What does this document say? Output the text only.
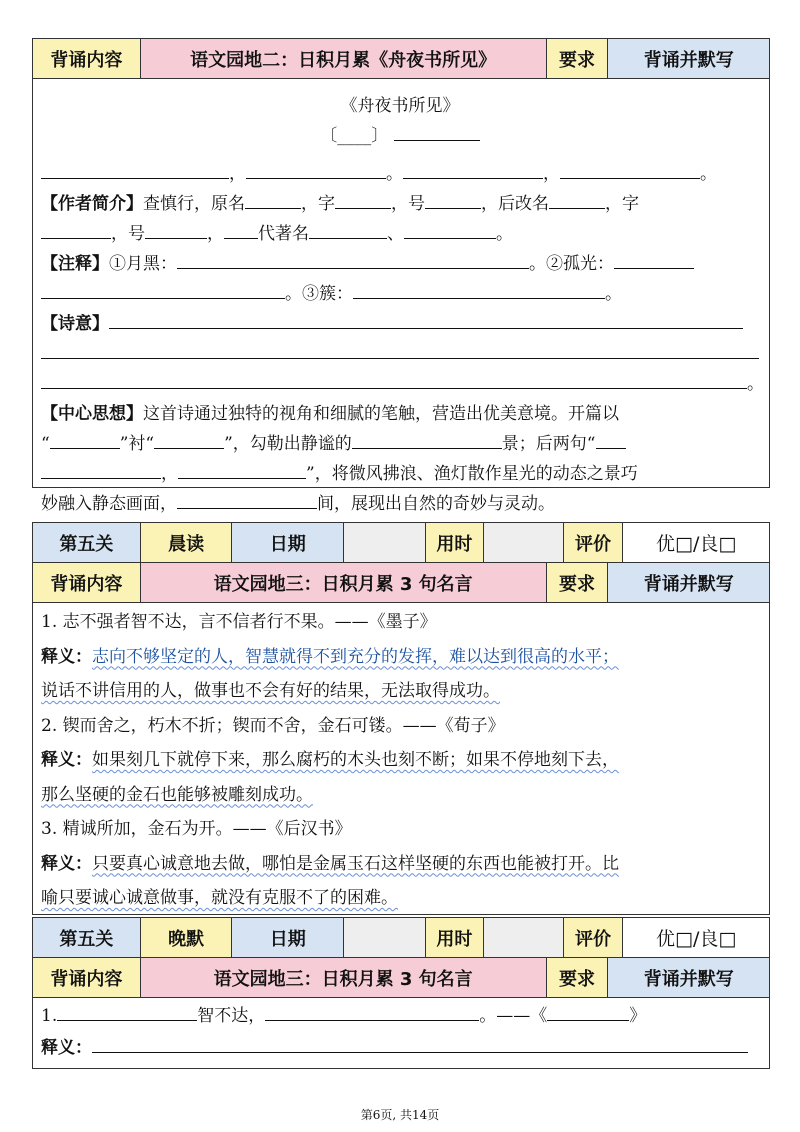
背诵内容	语文园地二：日积月累《舟夜书所见》	要求	背诵并默写
《舟夜书所见》
〔____〕
，	。	，	。
【作者简介】查慎行，原名	，字	，号	，后改名	，字
，号	， 代著名	、	。
【注释】①月黑：	。②孤光：
。③簇：	。
【诗意】
。
【中心思想】这首诗通过独特的视角和细腻的笔触，营造出优美意境。开篇以
“	”衬“	”，勾勒出静谧的	景；后两句“
，	”，将微风拂浪、渔灯散作星光的动态之景巧
妙融入静态画面，	间，展现出自然的奇妙与灵动。
第五关	晨读	日期	用时	评价	优□/良□
背诵内容	语文园地三：日积月累 3 句名言	要求	背诵并默写
1. 志不强者智不达，言不信者行不果。——《墨子》
释义：志向不够坚定的人，智慧就得不到充分的发挥，难以达到很高的水平；
说话不讲信用的人，做事也不会有好的结果，无法取得成功。
2. 锲而舍之，朽木不折；锲而不舍，金石可镂。——《荀子》
释义：如果刻几下就停下来，那么腐朽的木头也刻不断；如果不停地刻下去，
那么坚硬的金石也能够被雕刻成功。
3. 精诚所加，金石为开。——《后汉书》
释义：只要真心诚意地去做，哪怕是金属玉石这样坚硬的东西也能被打开。比
喻只要诚心诚意做事，就没有克服不了的困难。
第五关	晚默	日期	用时	评价	优□/良□
背诵内容	语文园地三：日积月累 3 句名言	要求	背诵并默写
1.	智不达，	。——《	》
释义：
第6页, 共14页
